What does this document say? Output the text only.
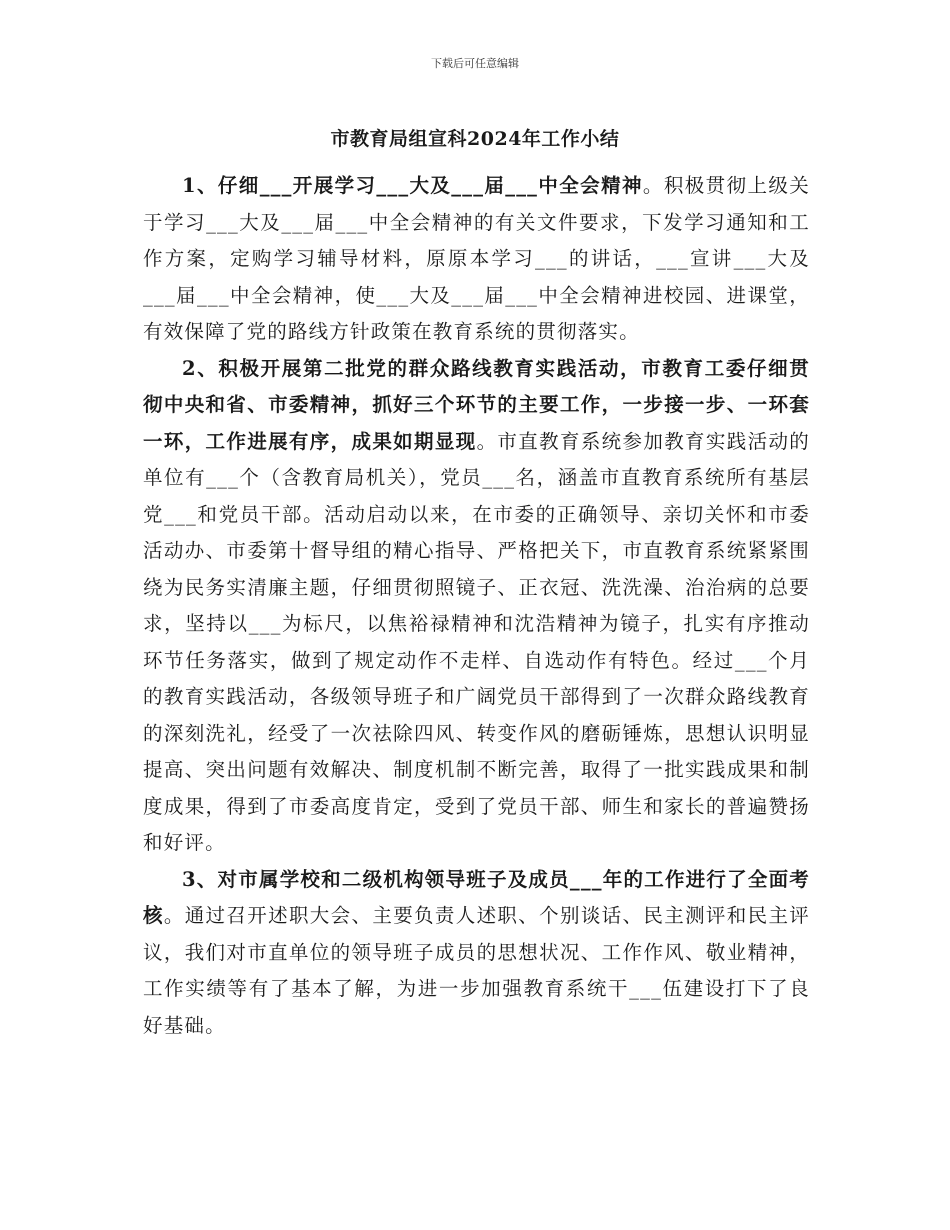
下载后可任意编辑
市教育局组宣科2024年工作小结

1、仔细___开展学习___大及___届___中全会精神。积极贯彻上级关于学习___大及___届___中全会精神的有关文件要求，下发学习通知和工作方案，定购学习辅导材料，原原本学习___的讲话，___宣讲___大及___届___中全会精神，使___大及___届___中全会精神进校园、进课堂，有效保障了党的路线方针政策在教育系统的贯彻落实。

2、积极开展第二批党的群众路线教育实践活动，市教育工委仔细贯彻中央和省、市委精神，抓好三个环节的主要工作，一步接一步、一环套一环，工作进展有序，成果如期显现。市直教育系统参加教育实践活动的单位有___个（含教育局机关），党员___名，涵盖市直教育系统所有基层党___和党员干部。活动启动以来，在市委的正确领导、亲切关怀和市委活动办、市委第十督导组的精心指导、严格把关下，市直教育系统紧紧围绕为民务实清廉主题，仔细贯彻照镜子、正衣冠、洗洗澡、治治病的总要求，坚持以___为标尺，以焦裕禄精神和沈浩精神为镜子，扎实有序推动环节任务落实，做到了规定动作不走样、自选动作有特色。经过___个月的教育实践活动，各级领导班子和广阔党员干部得到了一次群众路线教育的深刻洗礼，经受了一次祛除四风、转变作风的磨砺锤炼，思想认识明显提高、突出问题有效解决、制度机制不断完善，取得了一批实践成果和制度成果，得到了市委高度肯定，受到了党员干部、师生和家长的普遍赞扬和好评。

3、对市属学校和二级机构领导班子及成员___年的工作进行了全面考核。通过召开述职大会、主要负责人述职、个别谈话、民主测评和民主评议，我们对市直单位的领导班子成员的思想状况、工作作风、敬业精神，工作实绩等有了基本了解，为进一步加强教育系统干___伍建设打下了良好基础。
